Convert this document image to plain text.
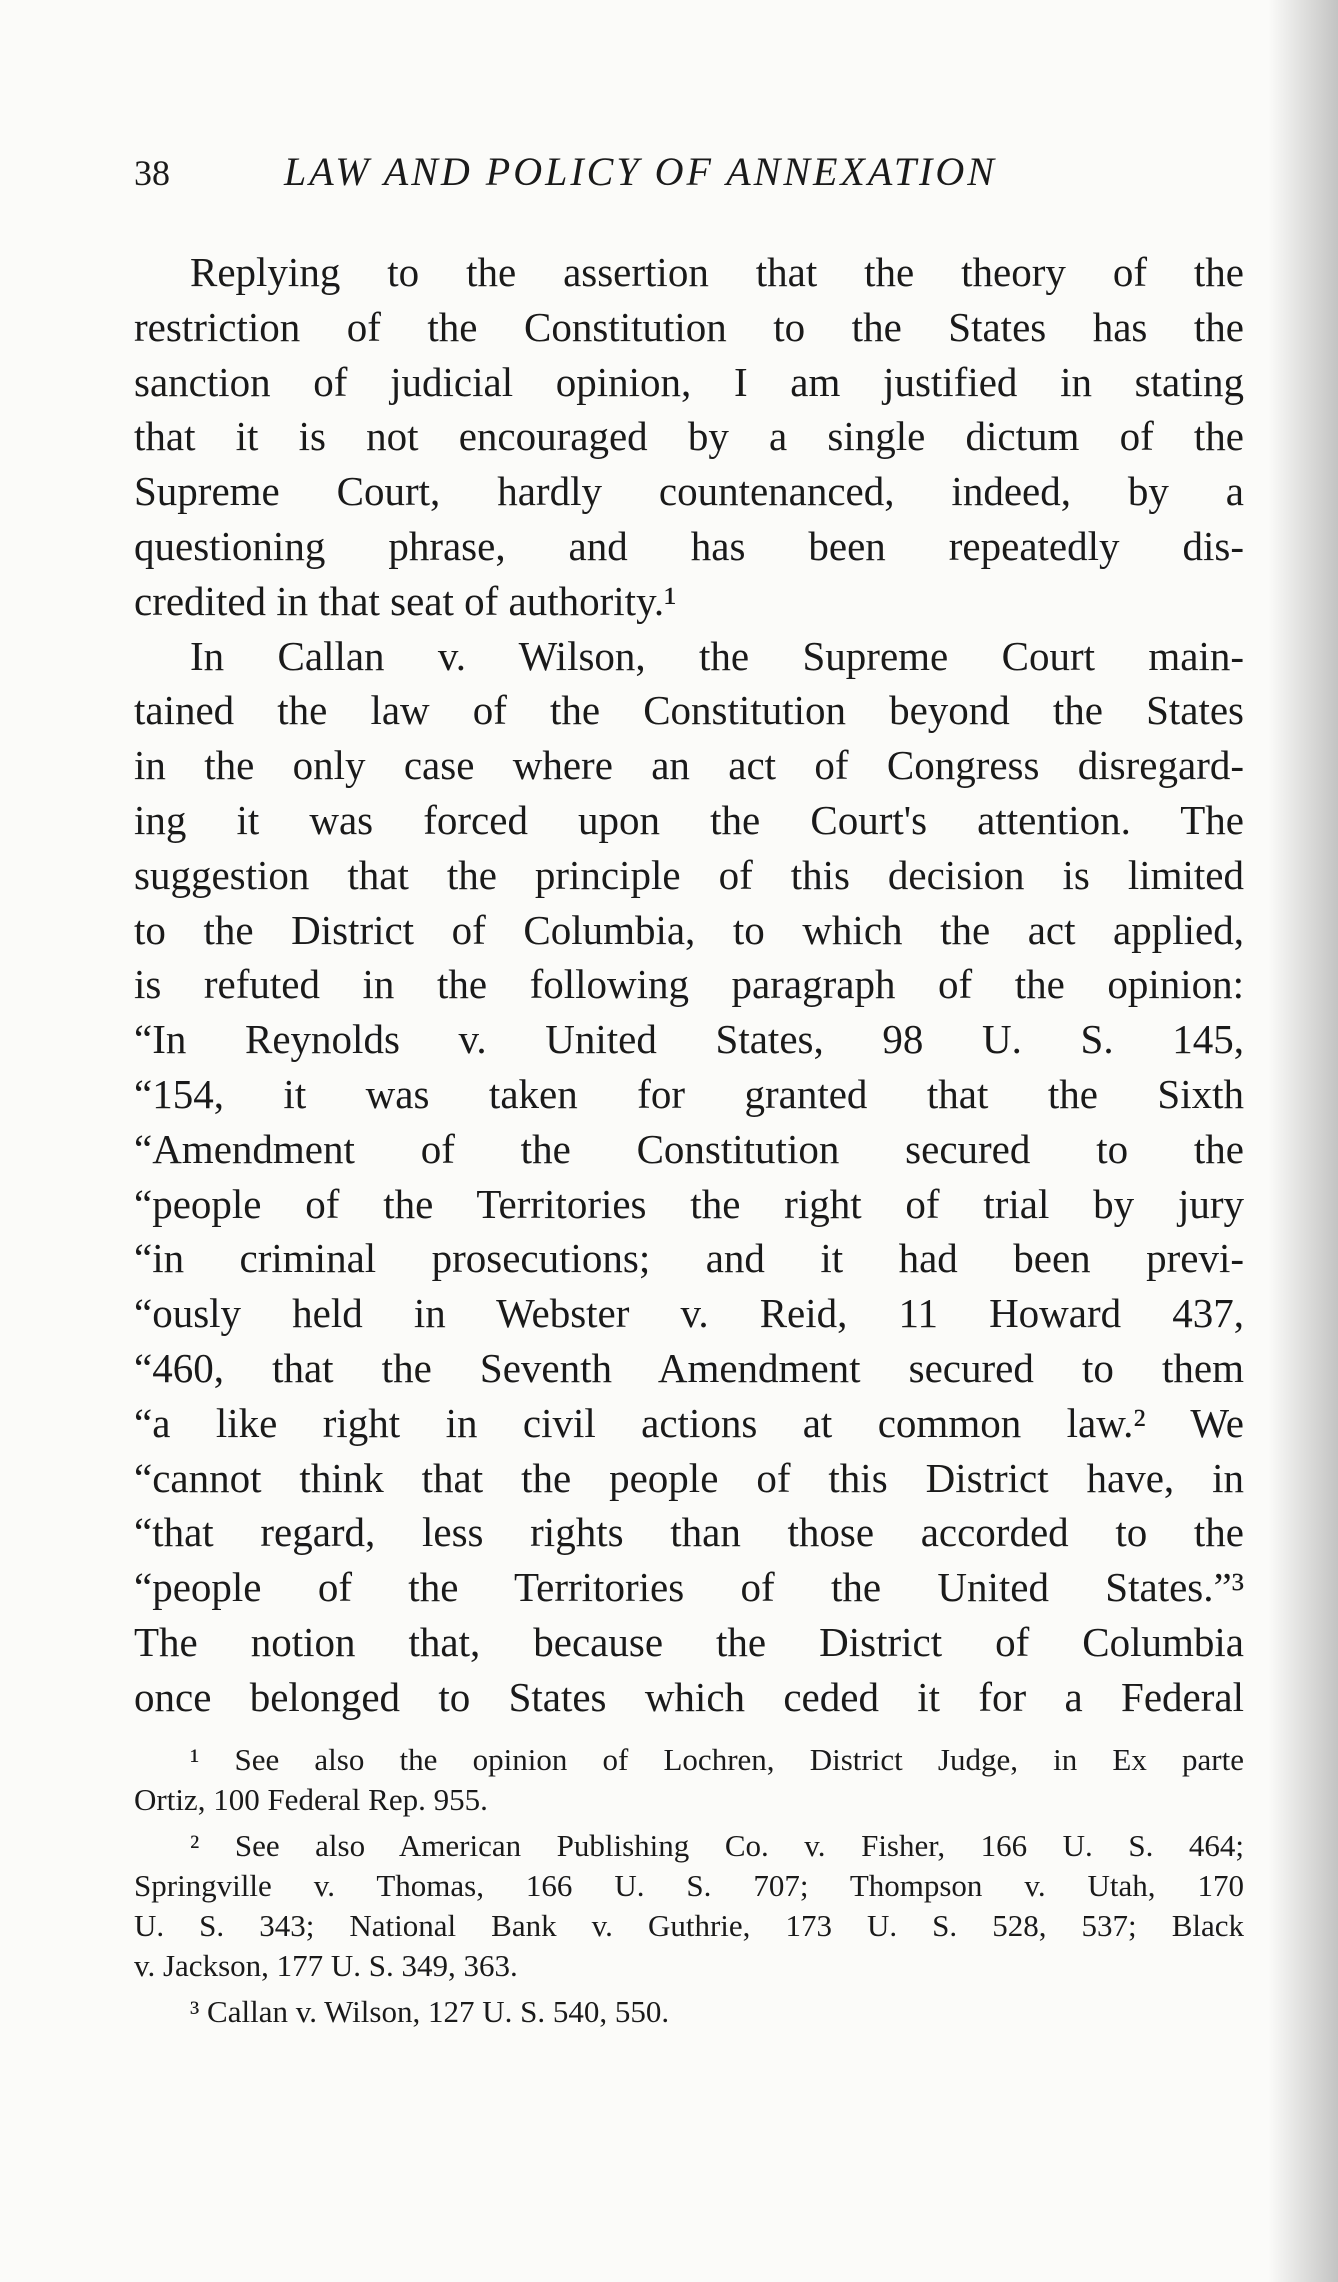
38	LAW AND POLICY OF ANNEXATION

Replying to the assertion that the theory of the
restriction of the Constitution to the States has the
sanction of judicial opinion, I am justified in stating
that it is not encouraged by a single dictum of the
Supreme Court, hardly countenanced, indeed, by a
questioning phrase, and has been repeatedly dis-
credited in that seat of authority.¹

In Callan v. Wilson, the Supreme Court main-
tained the law of the Constitution beyond the States
in the only case where an act of Congress disregard-
ing it was forced upon the Court's attention. The
suggestion that the principle of this decision is limited
to the District of Columbia, to which the act applied,
is refuted in the following paragraph of the opinion:
“In Reynolds v. United States, 98 U. S. 145,
“154, it was taken for granted that the Sixth
“Amendment of the Constitution secured to the
“people of the Territories the right of trial by jury
“in criminal prosecutions; and it had been previ-
“ously held in Webster v. Reid, 11 Howard 437,
“460, that the Seventh Amendment secured to them
“a like right in civil actions at common law.² We
“cannot think that the people of this District have, in
“that regard, less rights than those accorded to the
“people of the Territories of the United States.”³
The notion that, because the District of Columbia
once belonged to States which ceded it for a Federal

¹ See also the opinion of Lochren, District Judge, in Ex parte
Ortiz, 100 Federal Rep. 955.

² See also American Publishing Co. v. Fisher, 166 U. S. 464;
Springville v. Thomas, 166 U. S. 707; Thompson v. Utah, 170
U. S. 343; National Bank v. Guthrie, 173 U. S. 528, 537; Black
v. Jackson, 177 U. S. 349, 363.

³ Callan v. Wilson, 127 U. S. 540, 550.
